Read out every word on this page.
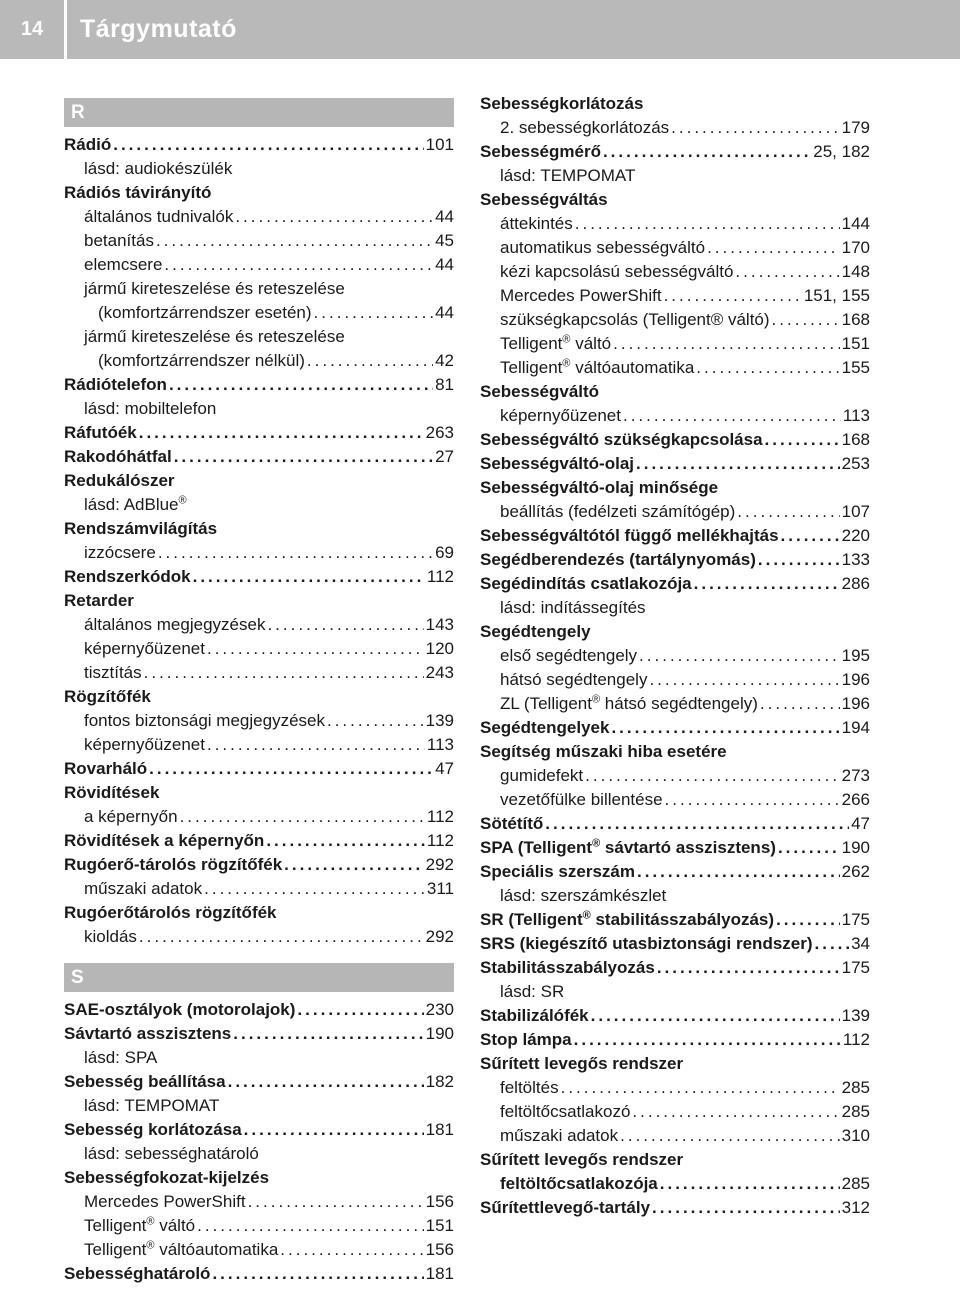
14	Tárgymutató
R
Rádió .....	101
lásd: audiokészülék
Rádiós távirányító
általános tudnivalók .....	44
betanítás .....	45
elemcsere .....	44
jármű kireteszelése és reteszelése
(komfortzárrendszer esetén) .....	44
jármű kireteszelése és reteszelése
(komfortzárrendszer nélkül) .....	42
Rádiótelefon .....	81
lásd: mobiltelefon
Ráfutóék .....	263
Rakodóhátfal .....	27
Redukálószer
lásd: AdBlue®
Rendszámvilágítás
izzócsere .....	69
Rendszerkódok .....	112
Retarder
általános megjegyzések .....	143
képernyőüzenet .....	120
tisztítás .....	243
Rögzítőfék
fontos biztonsági megjegyzések .....	139
képernyőüzenet .....	113
Rovarháló .....	47
Rövidítések
a képernyőn .....	112
Rövidítések a képernyőn .....	112
Rugóerő-tárolós rögzítőfék .....	292
műszaki adatok .....	311
Rugóerőtárolós rögzítőfék
kioldás .....	292
S
SAE-osztályok (motorolajok) .....	230
Sávtartó asszisztens .....	190
lásd: SPA
Sebesség beállítása .....	182
lásd: TEMPOMAT
Sebesség korlátozása .....	181
lásd: sebességhatároló
Sebességfokozat-kijelzés
Mercedes PowerShift .....	156
Telligent® váltó .....	151
Telligent® váltóautomatika .....	156
Sebességhatároló .....	181
Sebességkorlátozás
2. sebességkorlátozás .....	179
Sebességmérő .....	25, 182
lásd: TEMPOMAT
Sebességváltás
áttekintés .....	144
automatikus sebességváltó .....	170
kézi kapcsolású sebességváltó .....	148
Mercedes PowerShift .....	151, 155
szükségkapcsolás (Telligent® váltó) .....	168
Telligent® váltó .....	151
Telligent® váltóautomatika .....	155
Sebességváltó
képernyőüzenet .....	113
Sebességváltó szükségkapcsolása .....	168
Sebességváltó-olaj .....	253
Sebességváltó-olaj minősége
beállítás (fedélzeti számítógép) .....	107
Sebességváltótól függő mellékhajtás .....	220
Segédberendezés (tartálynyomás) .....	133
Segédindítás csatlakozója .....	286
lásd: indítássegítés
Segédtengely
első segédtengely .....	195
hátsó segédtengely .....	196
ZL (Telligent® hátsó segédtengely) .....	196
Segédtengelyek .....	194
Segítség műszaki hiba esetére
gumidefekt .....	273
vezetőfülke billentése .....	266
Sötétítő .....	47
SPA (Telligent® sávtartó asszisztens) .....	190
Speciális szerszám .....	262
lásd: szerszámkészlet
SR (Telligent® stabilitásszabályozás) .....	175
SRS (kiegészítő utasbiztonsági rendszer) ..... 34
Stabilitásszabályozás .....	175
lásd: SR
Stabilizálófék .....	139
Stop lámpa .....	112
Sűrített levegős rendszer
feltöltés .....	285
feltöltőcsatlakozó .....	285
műszaki adatok .....	310
Sűrített levegős rendszer
feltöltőcsatlakozója .....	285
Sűrítettlevegő-tartály .....	312
